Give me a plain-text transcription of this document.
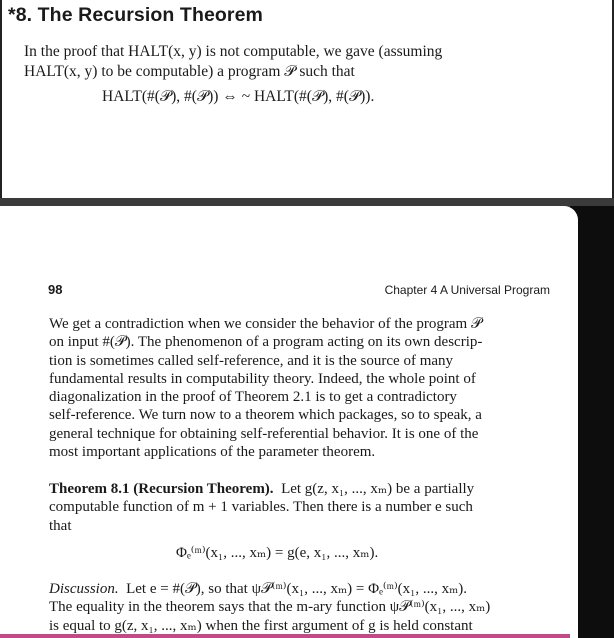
*8. The Recursion Theorem
In the proof that HALT(x, y) is not computable, we gave (assuming
HALT(x, y) to be computable) a program 𝒫 such that
HALT(#(𝒫), #(𝒫)) ⇔ ~ HALT(#(𝒫), #(𝒫)).
98	Chapter 4 A Universal Program
We get a contradiction when we consider the behavior of the program 𝒫
on input #(𝒫). The phenomenon of a program acting on its own descrip-
tion is sometimes called self-reference, and it is the source of many
fundamental results in computability theory. Indeed, the whole point of
diagonalization in the proof of Theorem 2.1 is to get a contradictory
self-reference. We turn now to a theorem which packages, so to speak, a
general technique for obtaining self-referential behavior. It is one of the
most important applications of the parameter theorem.
Theorem 8.1 (Recursion Theorem). Let g(z, x₁, ..., xₘ) be a partially
computable function of m + 1 variables. Then there is a number e such
that
Φₑ⁽ᵐ⁾(x₁, ..., xₘ) = g(e, x₁, ..., xₘ).
Discussion. Let e = #(𝒫), so that ψ𝒫⁽ᵐ⁾(x₁, ..., xₘ) = Φₑ⁽ᵐ⁾(x₁, ..., xₘ).
The equality in the theorem says that the m-ary function ψ𝒫⁽ᵐ⁾(x₁, ..., xₘ)
is equal to g(z, x₁, ..., xₘ) when the first argument of g is held constant
